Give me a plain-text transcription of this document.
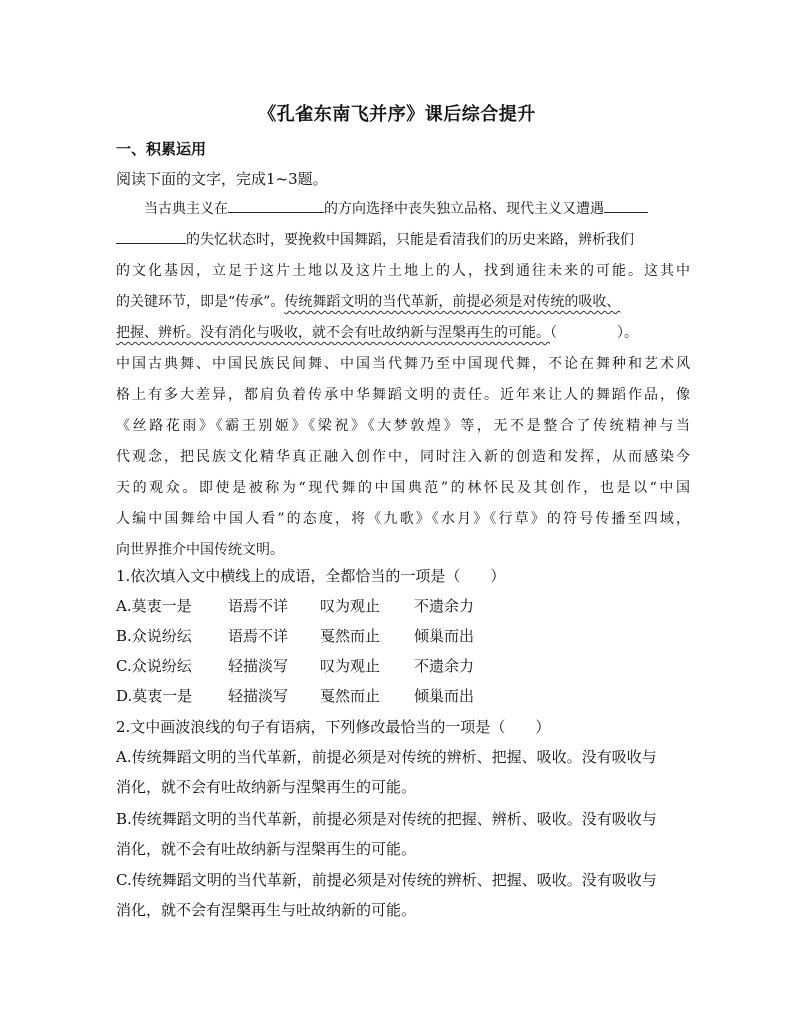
《孔雀东南飞并序》课后综合提升
一、积累运用
阅读下面的文字，完成1~3题。
当古典主义在	的方向选择中丧失独立品格、现代主义又遭遇
的失忆状态时，要挽救中国舞蹈，只能是看清我们的历史来路，辨析我们
的文化基因，立足于这片土地以及这片土地上的人，找到通往未来的可能。这其中
的关键环节，即是“传承”。传统舞蹈文明的当代革新，前提必须是对传统的吸收、
把握、辨析。没有消化与吸收，就不会有吐故纳新与涅槃再生的可能。（	）。
中国古典舞、中国民族民间舞、中国当代舞乃至中国现代舞，不论在舞种和艺术风
格上有多大差异，都肩负着传承中华舞蹈文明的责任。近年来让人的舞蹈作品，像
《丝路花雨》《霸王别姬》《梁祝》《大梦敦煌》等，无不是整合了传统精神与当
代观念，把民族文化精华真正融入创作中，同时注入新的创造和发挥，从而感染今
天的观众。即使是被称为“现代舞的中国典范”的林怀民及其创作，也是以“中国
人编中国舞给中国人看”的态度，将《九歌》《水月》《行草》的符号传播至四域，
向世界推介中国传统文明。
1.依次填入文中横线上的成语，全都恰当的一项是（　　）
A.莫衷一是 语焉不详 叹为观止 不遗余力
B.众说纷纭 语焉不详 戛然而止 倾巢而出
C.众说纷纭 轻描淡写 叹为观止 不遗余力
D.莫衷一是 轻描淡写 戛然而止 倾巢而出
2.文中画波浪线的句子有语病，下列修改最恰当的一项是（　　）
A.传统舞蹈文明的当代革新，前提必须是对传统的辨析、把握、吸收。没有吸收与
消化，就不会有吐故纳新与涅槃再生的可能。
B.传统舞蹈文明的当代革新，前提必须是对传统的把握、辨析、吸收。没有吸收与
消化，就不会有吐故纳新与涅槃再生的可能。
C.传统舞蹈文明的当代革新，前提必须是对传统的辨析、把握、吸收。没有吸收与
消化，就不会有涅槃再生与吐故纳新的可能。
